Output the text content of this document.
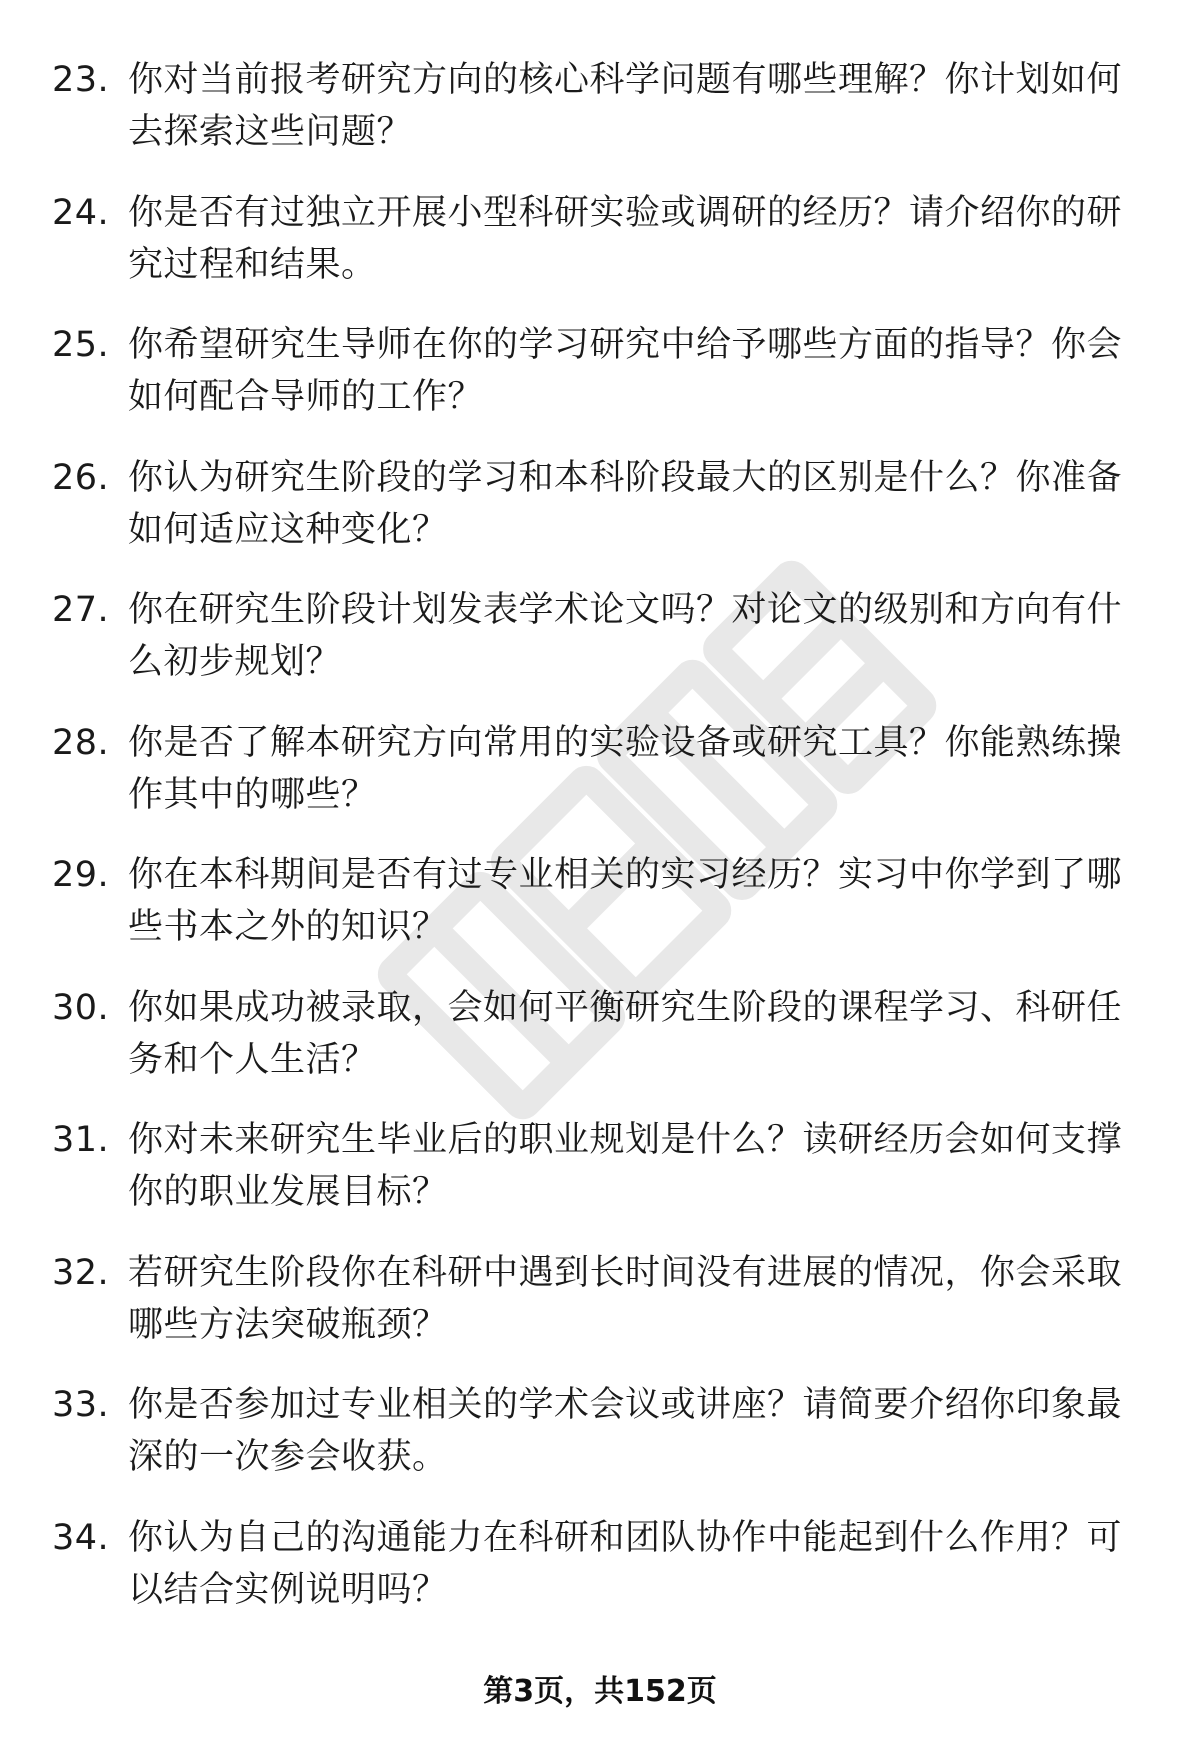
23. 你对当前报考研究方向的核心科学问题有哪些理解？你计划如何去探索这些问题？
24. 你是否有过独立开展小型科研实验或调研的经历？请介绍你的研究过程和结果。
25. 你希望研究生导师在你的学习研究中给予哪些方面的指导？你会如何配合导师的工作？
26. 你认为研究生阶段的学习和本科阶段最大的区别是什么？你准备如何适应这种变化？
27. 你在研究生阶段计划发表学术论文吗？对论文的级别和方向有什么初步规划？
28. 你是否了解本研究方向常用的实验设备或研究工具？你能熟练操作其中的哪些？
29. 你在本科期间是否有过专业相关的实习经历？实习中你学到了哪些书本之外的知识？
30. 你如果成功被录取，会如何平衡研究生阶段的课程学习、科研任务和个人生活？
31. 你对未来研究生毕业后的职业规划是什么？读研经历会如何支撑你的职业发展目标？
32. 若研究生阶段你在科研中遇到长时间没有进展的情况，你会采取哪些方法突破瓶颈？
33. 你是否参加过专业相关的学术会议或讲座？请简要介绍你印象最深的一次参会收获。
34. 你认为自己的沟通能力在科研和团队协作中能起到什么作用？可以结合实例说明吗？
第3页，共152页
